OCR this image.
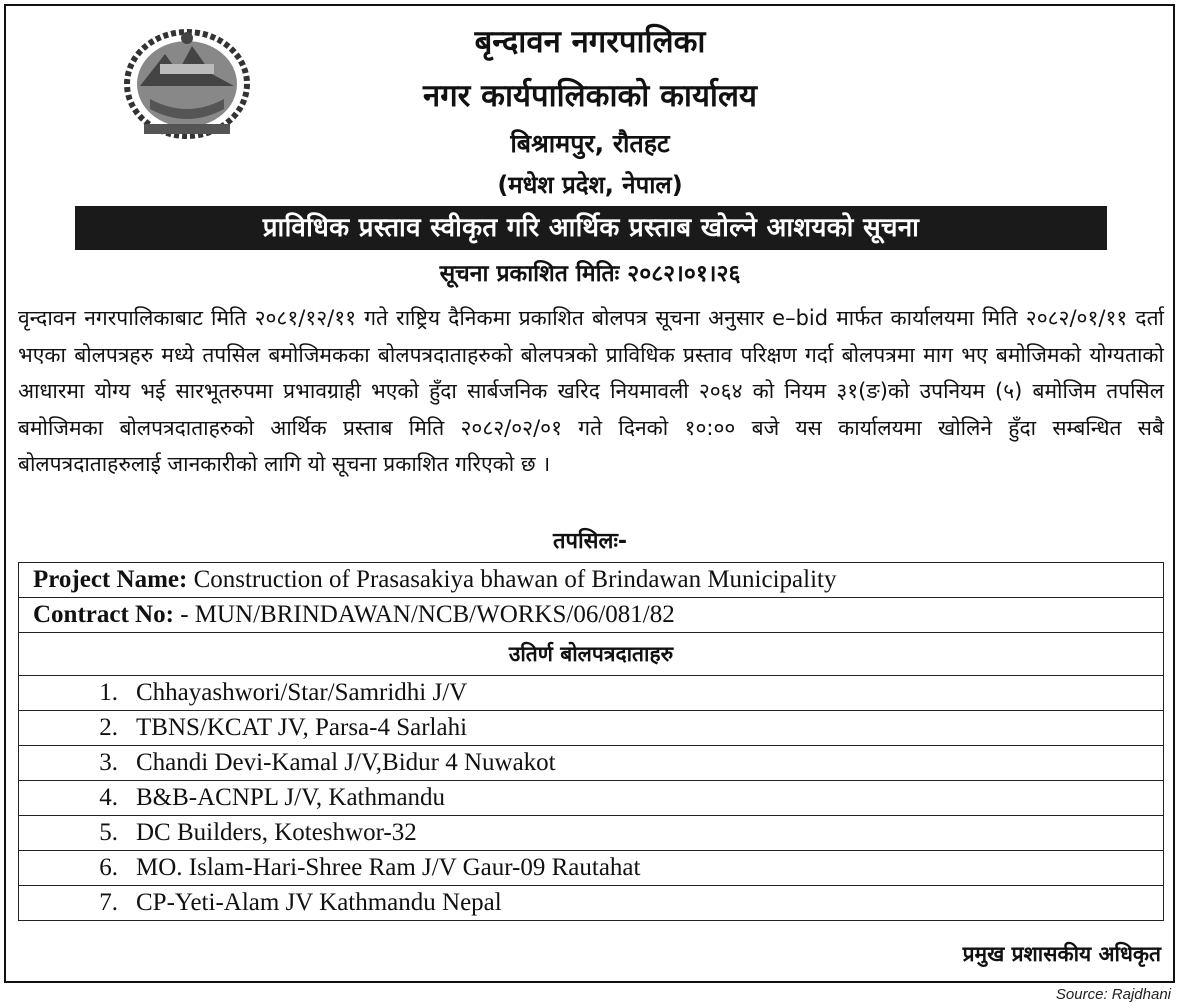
बृन्दावन नगरपालिका
नगर कार्यपालिकाको कार्यालय
बिश्रामपुर, रौतहट
(मधेश प्रदेश, नेपाल)
प्राविधिक प्रस्ताव स्वीकृत गरि आर्थिक प्रस्ताब खोल्ने आशयको सूचना
सूचना प्रकाशित मितिः २०८२।०१।२६
वृन्दावन नगरपालिकाबाट मिति २०८१/१२/११ गते राष्ट्रिय दैनिकमा प्रकाशित बोलपत्र सूचना अनुसार e–bid मार्फत कार्यालयमा मिति २०८२/०१/११ दर्ता भएका बोलपत्रहरु मध्ये तपसिल बमोजिमकका बोलपत्रदाताहरुको बोलपत्रको प्राविधिक प्रस्ताव परिक्षण गर्दा बोलपत्रमा माग भए बमोजिमको योग्यताको आधारमा योग्य भई सारभूतरुपमा प्रभावग्राही भएको हुँदा सार्बजनिक खरिद नियमावली २०६४ को नियम ३१(ङ)को उपनियम (५) बमोजिम तपसिल बमोजिमका बोलपत्रदाताहरुको आर्थिक प्रस्ताब मिति २०८२/०२/०१ गते दिनको १०:०० बजे यस कार्यालयमा खोलिने हुँदा सम्बन्धित सबै बोलपत्रदाताहरुलाई जानकारीको लागि यो सूचना प्रकाशित गरिएको छ ।
तपसिलः-
Project Name: Construction of Prasasakiya bhawan of Brindawan Municipality
Contract No: - MUN/BRINDAWAN/NCB/WORKS/06/081/82
उतिर्ण बोलपत्रदाताहरु
1. Chhayashwori/Star/Samridhi J/V
2. TBNS/KCAT JV, Parsa-4 Sarlahi
3. Chandi Devi-Kamal J/V,Bidur 4 Nuwakot
4. B&B-ACNPL J/V, Kathmandu
5. DC Builders, Koteshwor-32
6. MO. Islam-Hari-Shree Ram J/V Gaur-09 Rautahat
7. CP-Yeti-Alam JV Kathmandu Nepal
प्रमुख प्रशासकीय अधिकृत
Source: Rajdhani
